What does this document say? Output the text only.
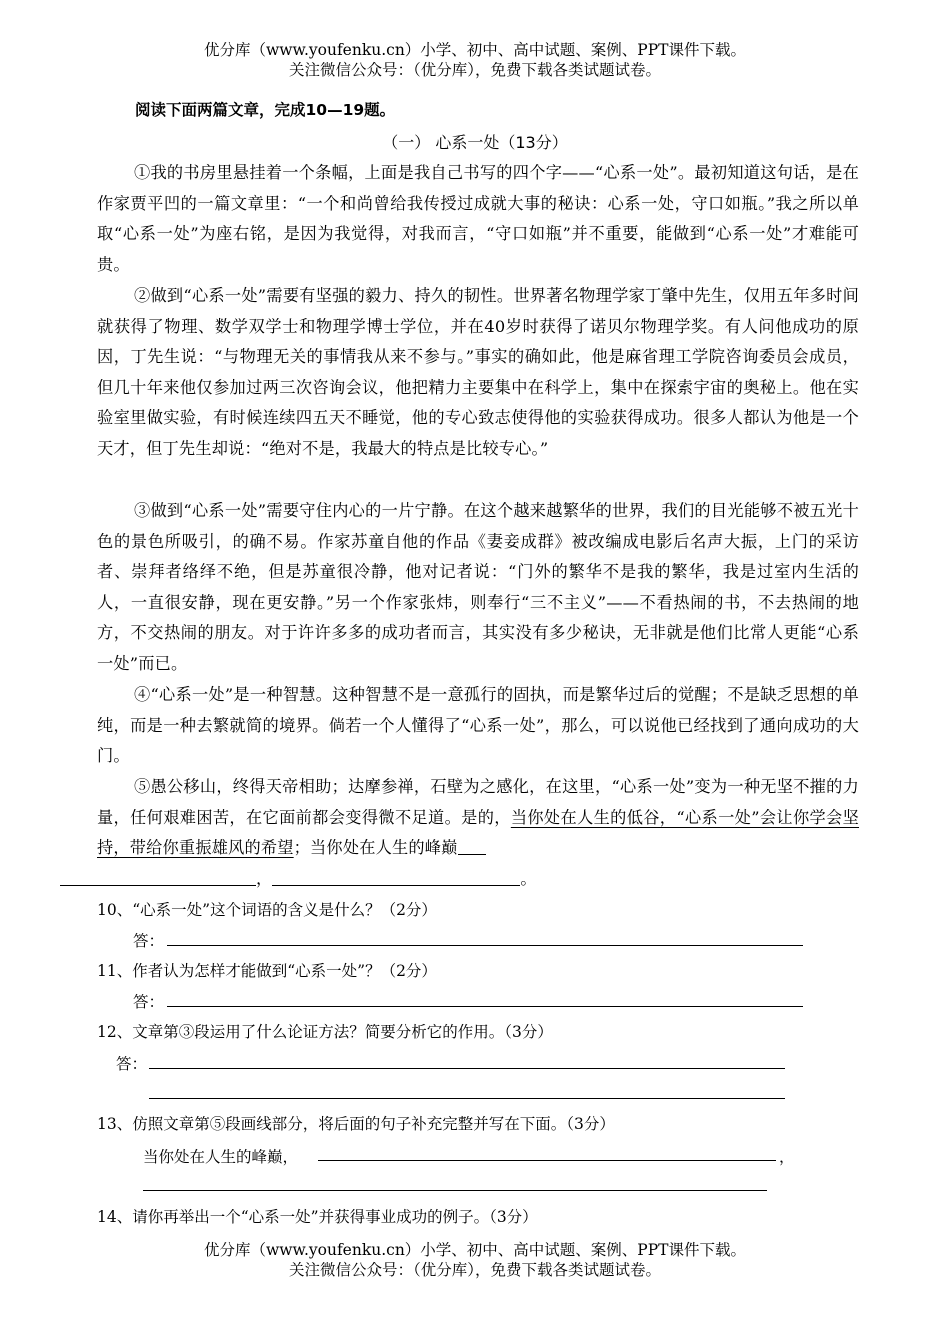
优分库（www.youfenku.cn）小学、初中、高中试题、案例、PPT课件下载。
关注微信公众号：（优分库），免费下载各类试题试卷。
阅读下面两篇文章，完成10—19题。
（一） 心系一处（13分）

①我的书房里悬挂着一个条幅，上面是我自己书写的四个字——“心系一处”。最初知道这句话，是在作家贾平凹的一篇文章里：“一个和尚曾给我传授过成就大事的秘诀：心系一处，守口如瓶。”我之所以单取“心系一处”为座右铭，是因为我觉得，对我而言，“守口如瓶”并不重要，能做到“心系一处”才难能可贵。

②做到“心系一处”需要有坚强的毅力、持久的韧性。世界著名物理学家丁肇中先生，仅用五年多时间就获得了物理、数学双学士和物理学博士学位，并在40岁时获得了诺贝尔物理学奖。有人问他成功的原因，丁先生说：“与物理无关的事情我从来不参与。”事实的确如此，他是麻省理工学院咨询委员会成员，但几十年来他仅参加过两三次咨询会议，他把精力主要集中在科学上，集中在探索宇宙的奥秘上。他在实验室里做实验，有时候连续四五天不睡觉，他的专心致志使得他的实验获得成功。很多人都认为他是一个天才，但丁先生却说：“绝对不是，我最大的特点是比较专心。”

③做到“心系一处”需要守住内心的一片宁静。在这个越来越繁华的世界，我们的目光能够不被五光十色的景色所吸引，的确不易。作家苏童自他的作品《妻妾成群》被改编成电影后名声大振，上门的采访者、崇拜者络绎不绝，但是苏童很冷静，他对记者说：“门外的繁华不是我的繁华，我是过室内生活的人，一直很安静，现在更安静。”另一个作家张炜，则奉行“三不主义”——不看热闹的书，不去热闹的地方，不交热闹的朋友。对于许许多多的成功者而言，其实没有多少秘诀，无非就是他们比常人更能“心系一处”而已。

④“心系一处”是一种智慧。这种智慧不是一意孤行的固执，而是繁华过后的觉醒；不是缺乏思想的单纯，而是一种去繁就简的境界。倘若一个人懂得了“心系一处”，那么，可以说他已经找到了通向成功的大门。

⑤愚公移山，终得天帝相助；达摩参禅，石壁为之感化，在这里，“心系一处”变为一种无坚不摧的力量，任何艰难困苦，在它面前都会变得微不足道。是的，当你处在人生的低谷，“心系一处”会让你学会坚持，带给你重振雄风的希望；当你处在人生的峰巅
，	。

10、“心系一处”这个词语的含义是什么？（2分）
答：
11、作者认为怎样才能做到“心系一处”？（2分）
答：
12、文章第③段运用了什么论证方法？简要分析它的作用。（3分）
答：
13、仿照文章第⑤段画线部分，将后面的句子补充完整并写在下面。（3分）
当你处在人生的峰巅，	，
14、请你再举出一个“心系一处”并获得事业成功的例子。（3分）
优分库（www.youfenku.cn）小学、初中、高中试题、案例、PPT课件下载。
关注微信公众号：（优分库），免费下载各类试题试卷。
